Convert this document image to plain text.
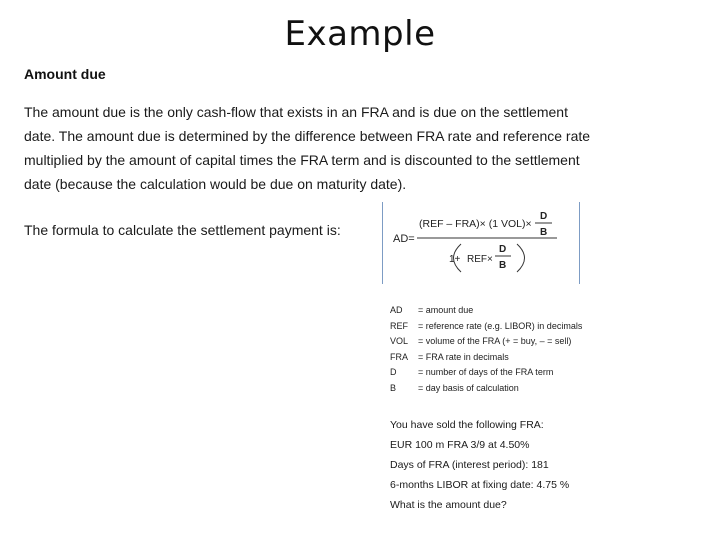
Example
Amount due
The amount due is the only cash-flow that exists in an FRA and is due on the settlement
date. The amount due is determined by the difference between FRA rate and reference rate
multiplied by the amount of capital times the FRA term and is discounted to the settlement
date (because the calculation would be due on maturity date).
The formula to calculate the settlement payment is:
AD=
(REF – FRA)× (1 VOL)×
D
B
1+ REF×
D
B
AD	= amount due
REF	= reference rate (e.g. LIBOR) in decimals
VOL	= volume of the FRA (+ = buy, – = sell)
FRA	= FRA rate in decimals
D	= number of days of the FRA term
B	= day basis of calculation
You have sold the following FRA:
EUR 100 m FRA 3/9 at 4.50%
Days of FRA (interest period): 181
6-months LIBOR at fixing date: 4.75 %
What is the amount due?
